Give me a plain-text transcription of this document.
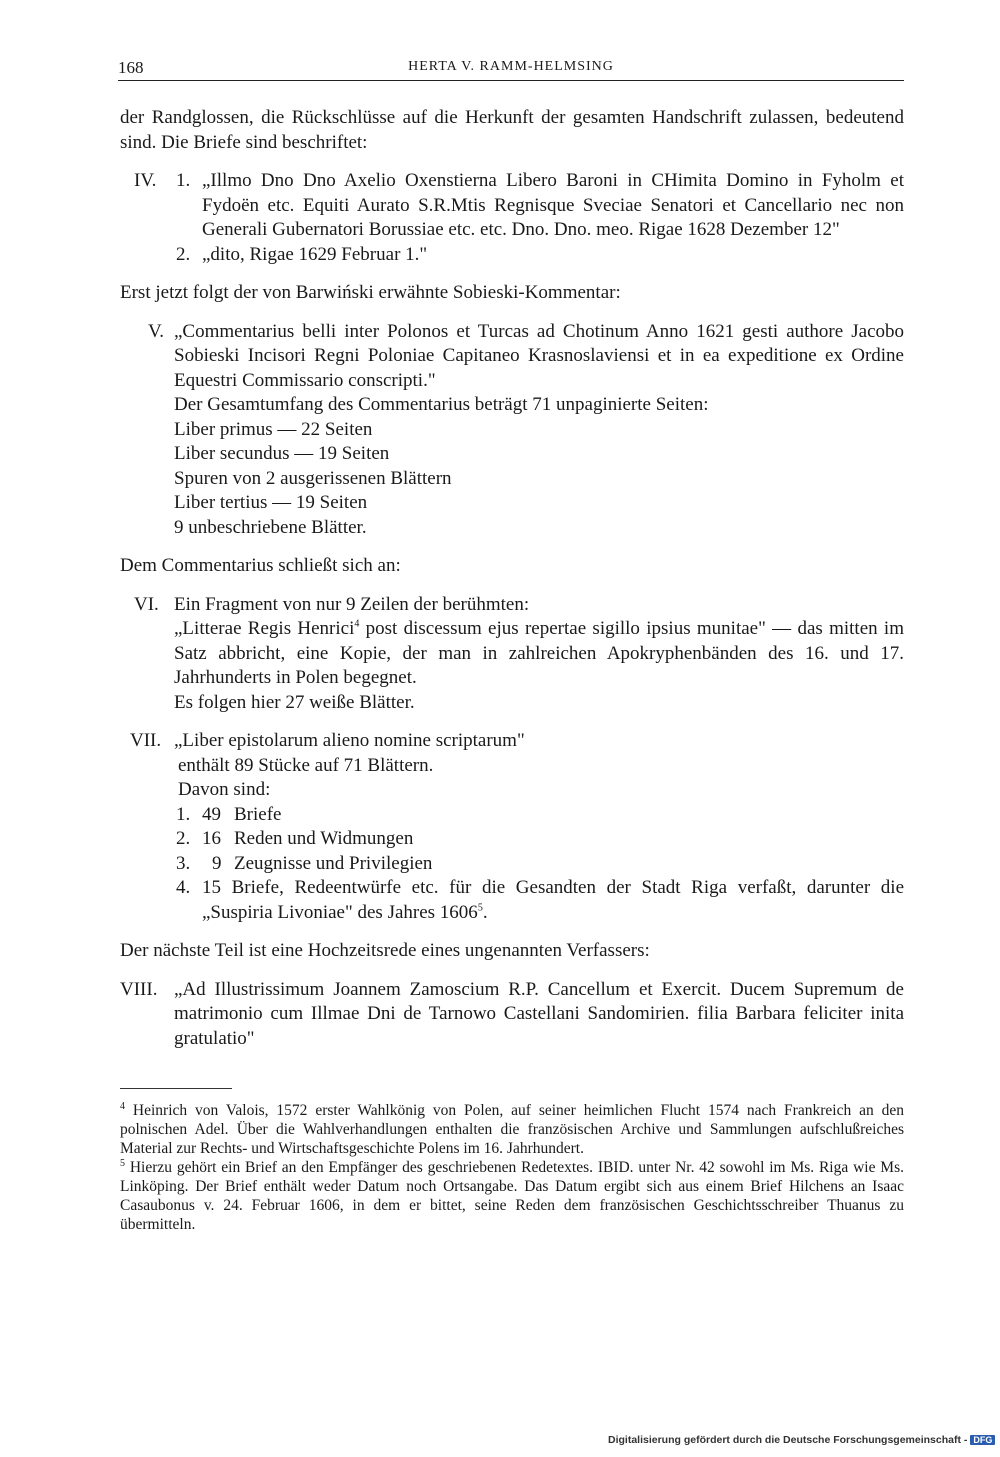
168	HERTA V. RAMM-HELMSING

der Randglossen, die Rückschlüsse auf die Herkunft der gesamten Handschrift zulassen, bedeutend sind. Die Briefe sind beschriftet:

IV. 1. „Illmo Dno Dno Axelio Oxenstierna Libero Baroni in CHimita Domino in Fyholm et Fydoën etc. Equiti Aurato S.R.Mtis Regnisque Sveciae Senatori et Cancellario nec non Generali Gubernatori Borussiae etc. etc. Dno. Dno. meo. Rigae 1628 Dezember 12"

2. „dito, Rigae 1629 Februar 1."

Erst jetzt folgt der von Barwiński erwähnte Sobieski-Kommentar:

V. „Commentarius belli inter Polonos et Turcas ad Chotinum Anno 1621 gesti authore Jacobo Sobieski Incisori Regni Poloniae Capitaneo Krasnoslaviensi et in ea expeditione ex Ordine Equestri Commissario conscripti."

Der Gesamtumfang des Commentarius beträgt 71 unpaginierte Seiten:
Liber primus — 22 Seiten
Liber secundus — 19 Seiten
Spuren von 2 ausgerissenen Blättern
Liber tertius — 19 Seiten
9 unbeschriebene Blätter.

Dem Commentarius schließt sich an:

VI. Ein Fragment von nur 9 Zeilen der berühmten:

„Litterae Regis Henrici$^4$ post discessum ejus repertae sigillo ipsius munitae" — das mitten im Satz abbricht, eine Kopie, der man in zahlreichen Apokryphenbänden des 16. und 17. Jahrhunderts in Polen begegnet.

Es folgen hier 27 weiße Blätter.
VII. „Liber epistolarum alieno nomine scriptarum"
enthält 89 Stücke auf 71 Blättern.
Davon sind:
1. 49 Briefe
2. 16 Reden und Widmungen
3. 9 Zeugnisse und Privilegien
4. 15 Briefe, Redeentwürfe etc. für die Gesandten der Stadt Riga verfaßt, darunter die „Suspiria Livoniae" des Jahres 1606$^5$.

Der nächste Teil ist eine Hochzeitsrede eines ungenannten Verfassers:

VIII. „Ad Illustrissimum Joannem Zamoscium R.P. Cancellum et Exercit. Ducem Supremum de matrimonio cum Illmae Dni de Tarnowo Castellani Sandomirien. filia Barbara feliciter inita gratulatio"

$^4$ Heinrich von Valois, 1572 erster Wahlkönig von Polen, auf seiner heimlichen Flucht 1574 nach Frankreich an den polnischen Adel. Über die Wahlverhandlungen enthalten die französischen Archive und Sammlungen aufschlußreiches Material zur Rechts- und Wirtschaftsgeschichte Polens im 16. Jahrhundert.

$^5$ Hierzu gehört ein Brief an den Empfänger des geschriebenen Redetextes. IBID. unter Nr. 42 sowohl im Ms. Riga wie Ms. Linköping. Der Brief enthält weder Datum noch Ortsangabe. Das Datum ergibt sich aus einem Brief Hilchens an Isaac Casaubonus v. 24. Februar 1606, in dem er bittet, seine Reden dem französischen Geschichtsschreiber Thuanus zu übermitteln.

Digitalisierung gefördert durch die Deutsche Forschungsgemeinschaft - DFG
